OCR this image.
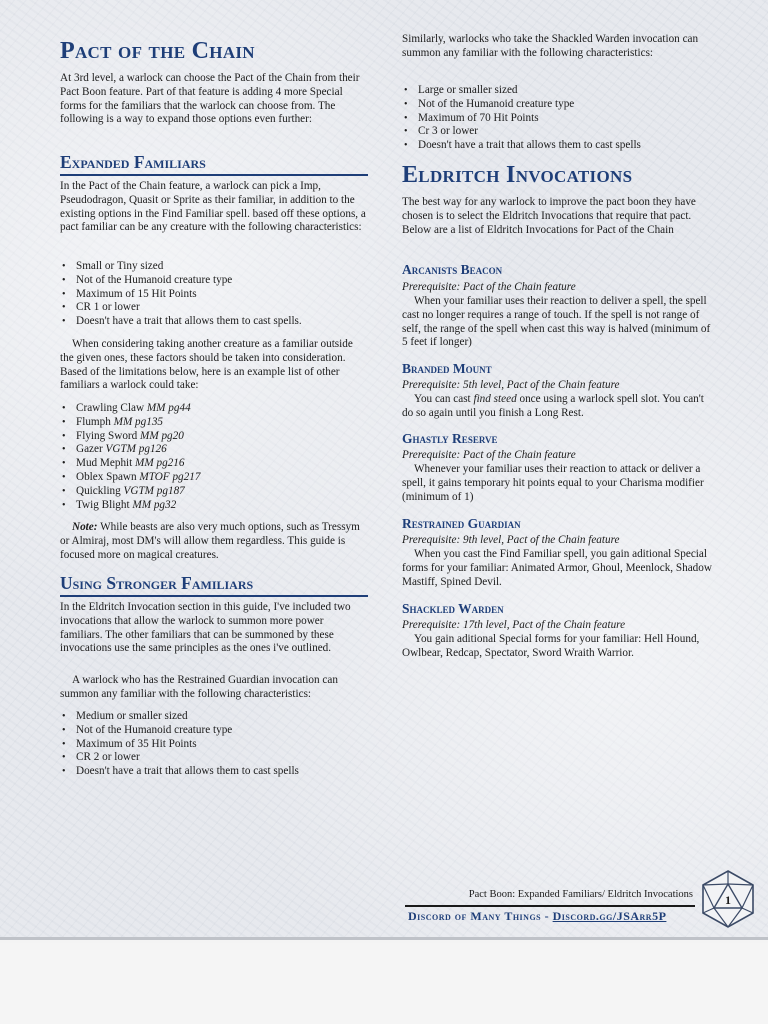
Pact of the Chain

At 3rd level, a warlock can choose the Pact of the Chain from their Pact Boon feature. Part of that feature is adding 4 more Special forms for the familiars that the warlock can choose from. The following is a way to expand those options even further:

Expanded Familiars

In the Pact of the Chain feature, a warlock can pick a Imp, Pseudodragon, Quasit or Sprite as their familiar, in addition to the existing options in the Find Familiar spell. based off these options, a pact familiar can be any creature with the following characteristics:

• Small or Tiny sized
• Not of the Humanoid creature type
• Maximum of 15 Hit Points
• CR 1 or lower
• Doesn't have a trait that allows them to cast spells.

When considering taking another creature as a familiar outside the given ones, these factors should be taken into consideration. Based of the limitations below, here is an example list of other familiars a warlock could take:

• Crawling Claw MM pg44
• Flumph MM pg135
• Flying Sword MM pg20
• Gazer VGTM pg126
• Mud Mephit MM pg216
• Oblex Spawn MTOF pg217
• Quickling VGTM pg187
• Twig Blight MM pg32

Note: While beasts are also very much options, such as Tressym or Almiraj, most DM's will allow them regardless. This guide is focused more on magical creatures.

Using Stronger Familiars

In the Eldritch Invocation section in this guide, I've included two invocations that allow the warlock to summon more power familiars. The other familiars that can be summoned by these invocations use the same principles as the ones i've outlined.

A warlock who has the Restrained Guardian invocation can summon any familiar with the following characteristics:

• Medium or smaller sized
• Not of the Humanoid creature type
• Maximum of 35 Hit Points
• CR 2 or lower
• Doesn't have a trait that allows them to cast spells

Similarly, warlocks who take the Shackled Warden invocation can summon any familiar with the following characteristics:

• Large or smaller sized
• Not of the Humanoid creature type
• Maximum of 70 Hit Points
• Cr 3 or lower
• Doesn't have a trait that allows them to cast spells
Eldritch Invocations

The best way for any warlock to improve the pact boon they have chosen is to select the Eldritch Invocations that require that pact. Below are a list of Eldritch Invocations for Pact of the Chain

Arcanists Beacon

Prerequisite: Pact of the Chain feature

When your familiar uses their reaction to deliver a spell, the spell cast no longer requires a range of touch. If the spell is not range of self, the range of the spell when cast this way is halved (minimum of 5 feet if longer)

Branded Mount

Prerequisite: 5th level, Pact of the Chain feature

You can cast find steed once using a warlock spell slot. You can't do so again until you finish a Long Rest.

Ghastly Reserve

Prerequisite: Pact of the Chain feature

Whenever your familiar uses their reaction to attack or deliver a spell, it gains temporary hit points equal to your Charisma modifier (minimum of 1)

Restrained Guardian

Prerequisite: 9th level, Pact of the Chain feature

When you cast the Find Familiar spell, you gain aditional Special forms for your familiar: Animated Armor, Ghoul, Meenlock, Shadow Mastiff, Spined Devil.

Shackled Warden

Prerequisite: 17th level, Pact of the Chain feature

You gain aditional Special forms for your familiar: Hell Hound, Owlbear, Redcap, Spectator, Sword Wraith Warrior.

Pact Boon: Expanded Familiars/ Eldritch Invocations
Discord of Many Things - Discord.gg/JSArr5P
1
